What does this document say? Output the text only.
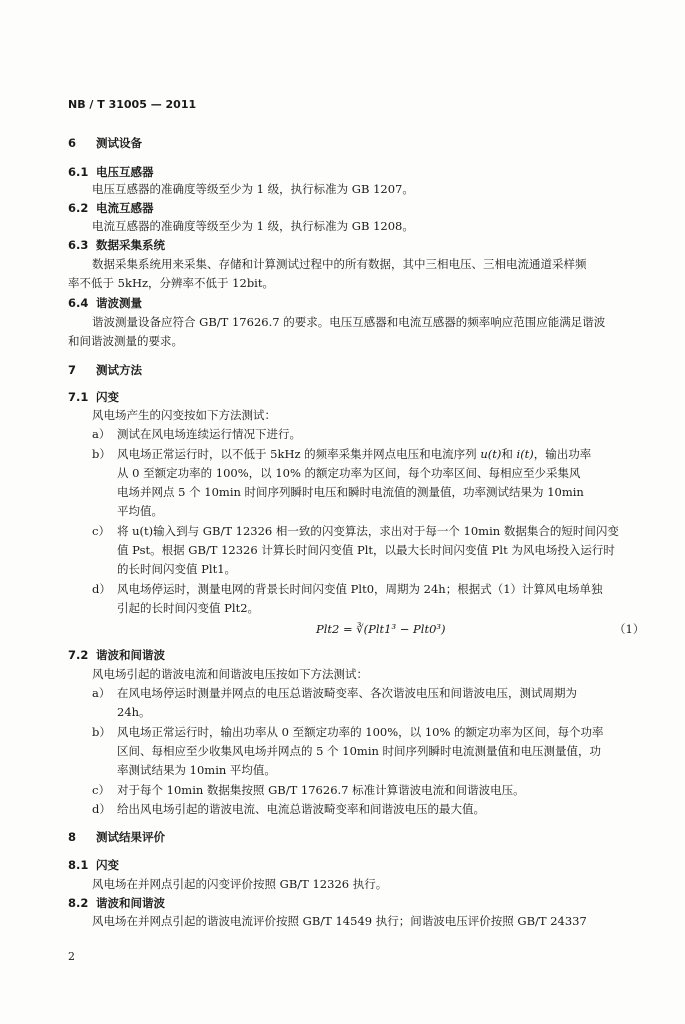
NB / T 31005 — 2011
6 测试设备
6.1 电压互感器
电压互感器的准确度等级至少为 1 级，执行标准为 GB 1207。
6.2 电流互感器
电流互感器的准确度等级至少为 1 级，执行标准为 GB 1208。
6.3 数据采集系统
数据采集系统用来采集、存储和计算测试过程中的所有数据，其中三相电压、三相电流通道采样频
率不低于 5kHz，分辨率不低于 12bit。
6.4 谐波测量
谐波测量设备应符合 GB/T 17626.7 的要求。电压互感器和电流互感器的频率响应范围应能满足谐波
和间谐波测量的要求。
7 测试方法
7.1 闪变
风电场产生的闪变按如下方法测试：
a） 测试在风电场连续运行情况下进行。
b） 风电场正常运行时，以不低于 5kHz 的频率采集并网点电压和电流序列 u(t)和 i(t)，输出功率
从 0 至额定功率的 100%，以 10% 的额定功率为区间，每个功率区间、每相应至少采集风
电场并网点 5 个 10min 时间序列瞬时电压和瞬时电流值的测量值，功率测试结果为 10min
平均值。
c） 将 u(t)输入到与 GB/T 12326 相一致的闪变算法，求出对于每一个 10min 数据集合的短时间闪变
值 Pst。根据 GB/T 12326 计算长时间闪变值 Plt，以最大长时间闪变值 Plt 为风电场投入运行时
的长时间闪变值 Plt1。
d） 风电场停运时，测量电网的背景长时间闪变值 Plt0，周期为 24h；根据式（1）计算风电场单独
引起的长时间闪变值 Plt2。
Plt2 = ∛(Plt1³ − Plt0³)	（1）
7.2 谐波和间谐波
风电场引起的谐波电流和间谐波电压按如下方法测试：
a） 在风电场停运时测量并网点的电压总谐波畸变率、各次谐波电压和间谐波电压，测试周期为
24h。
b） 风电场正常运行时，输出功率从 0 至额定功率的 100%，以 10% 的额定功率为区间，每个功率
区间、每相应至少收集风电场并网点的 5 个 10min 时间序列瞬时电流测量值和电压测量值，功
率测试结果为 10min 平均值。
c） 对于每个 10min 数据集按照 GB/T 17626.7 标准计算谐波电流和间谐波电压。
d） 给出风电场引起的谐波电流、电流总谐波畸变率和间谐波电压的最大值。
8 测试结果评价
8.1 闪变
风电场在并网点引起的闪变评价按照 GB/T 12326 执行。
8.2 谐波和间谐波
风电场在并网点引起的谐波电流评价按照 GB/T 14549 执行；间谐波电压评价按照 GB/T 24337
2
